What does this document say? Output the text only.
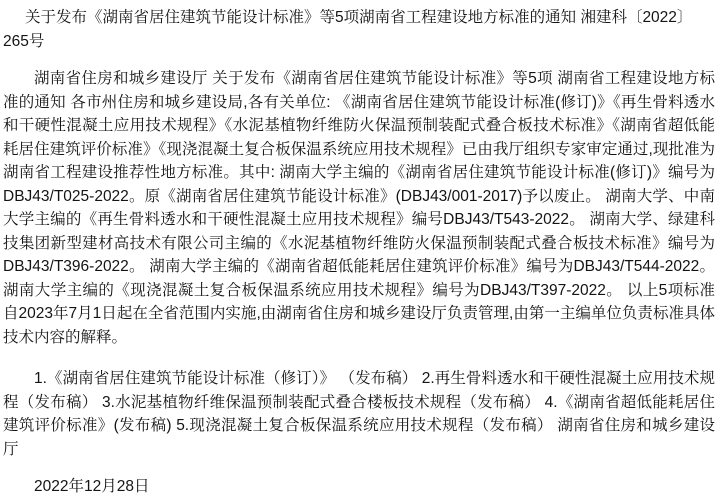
关于发布《湖南省居住建筑节能设计标准》等5项湖南省工程建设地方标准的通知 湘建科〔2022〕265号

湖南省住房和城乡建设厅 关于发布《湖南省居住建筑节能设计标准》等5项 湖南省工程建设地方标准的通知 各市州住房和城乡建设局,各有关单位: 《湖南省居住建筑节能设计标准(修订)》《再生骨料透水和干硬性混凝土应用技术规程》《水泥基植物纤维防火保温预制装配式叠合板技术标准》《湖南省超低能耗居住建筑评价标准》《现浇混凝土复合板保温系统应用技术规程》已由我厅组织专家审定通过,现批准为湖南省工程建设推荐性地方标准。其中: 湖南大学主编的《湖南省居住建筑节能设计标准(修订)》编号为DBJ43/T025-2022。原《湖南省居住建筑节能设计标准》(DBJ43/001-2017)予以废止。 湖南大学、中南大学主编的《再生骨料透水和干硬性混凝土应用技术规程》编号DBJ43/T543-2022。 湖南大学、绿建科技集团新型建材高技术有限公司主编的《水泥基植物纤维防火保温预制装配式叠合板技术标准》编号为DBJ43/T396-2022。 湖南大学主编的《湖南省超低能耗居住建筑评价标准》编号为DBJ43/T544-2022。 湖南大学主编的《现浇混凝土复合板保温系统应用技术规程》编号为DBJ43/T397-2022。 以上5项标准自2023年7月1日起在全省范围内实施,由湖南省住房和城乡建设厅负责管理,由第一主编单位负责标准具体技术内容的解释。

1.《湖南省居住建筑节能设计标准（修订）》 （发布稿） 2.再生骨料透水和干硬性混凝土应用技术规程（发布稿） 3.水泥基植物纤维保温预制装配式叠合楼板技术规程（发布稿） 4.《湖南省超低能耗居住建筑评价标准》(发布稿) 5.现浇混凝土复合板保温系统应用技术规程（发布稿） 湖南省住房和城乡建设厅

2022年12月28日
